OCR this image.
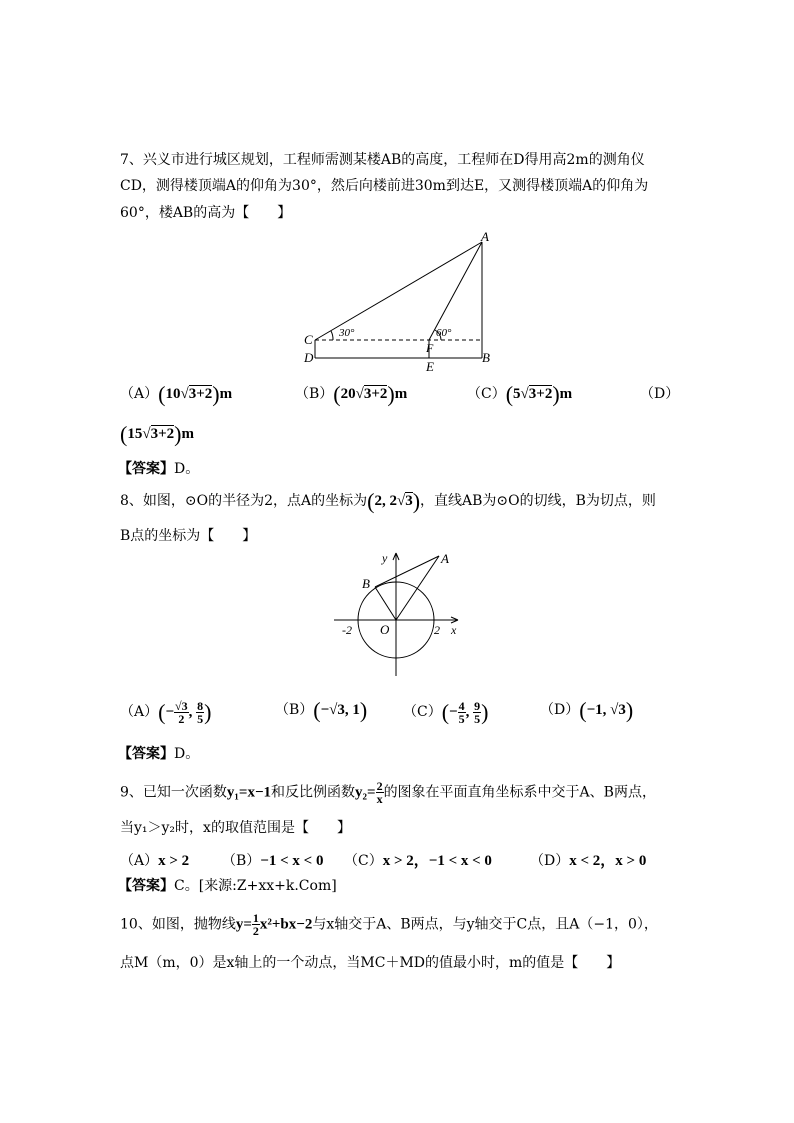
7、兴义市进行城区规划，工程师需测某楼AB的高度，工程师在D得用高2m的测角仪
CD，测得楼顶端A的仰角为30°，然后向楼前进30m到达E，又测得楼顶端A的仰角为
60°，楼AB的高为【　　】
A
C
D
F
E
B
30°	60°
（A）(10√3+2)m	（B）(20√3+2)m	（C）(5√3+2)m	（D）
(15√3+2)m
【答案】D。
8、如图，⊙O的半径为2，点A的坐标为(2, 2√3)，直线AB为⊙O的切线，B为切点，则
B点的坐标为【　　】
y	A
B
O
-2	2 x
$(A)(- \frac{√3}{2}$ , $\frac{8}{5}$ )	（B）(−√3, 1)	$(C)(- \frac{4}{5}$ , $\frac{9}{5}$ )	（D）(−1, √3)
【答案】D。
9、已知一次函数y₁=x−1和反比例函数$y_2= \frac{2}{x}$ 的图象在平面直角坐标系中交于A、B两点，
当y₁＞y₂时，x的取值范围是【　　】
（A）x > 2 （B）−1 < x < 0 （C）x > 2，−1 < x < 0	（D）x < 2，x > 0
【答案】C。[来源:Z+xx+k.Com]
10、如图，抛物线$y= \frac{1}{2} x^2+bx-2$与x轴交于A、B两点，与y轴交于C点，且A（−1，0），
点M（m，0）是x轴上的一个动点，当MC＋MD的值最小时，m的值是【　　】
